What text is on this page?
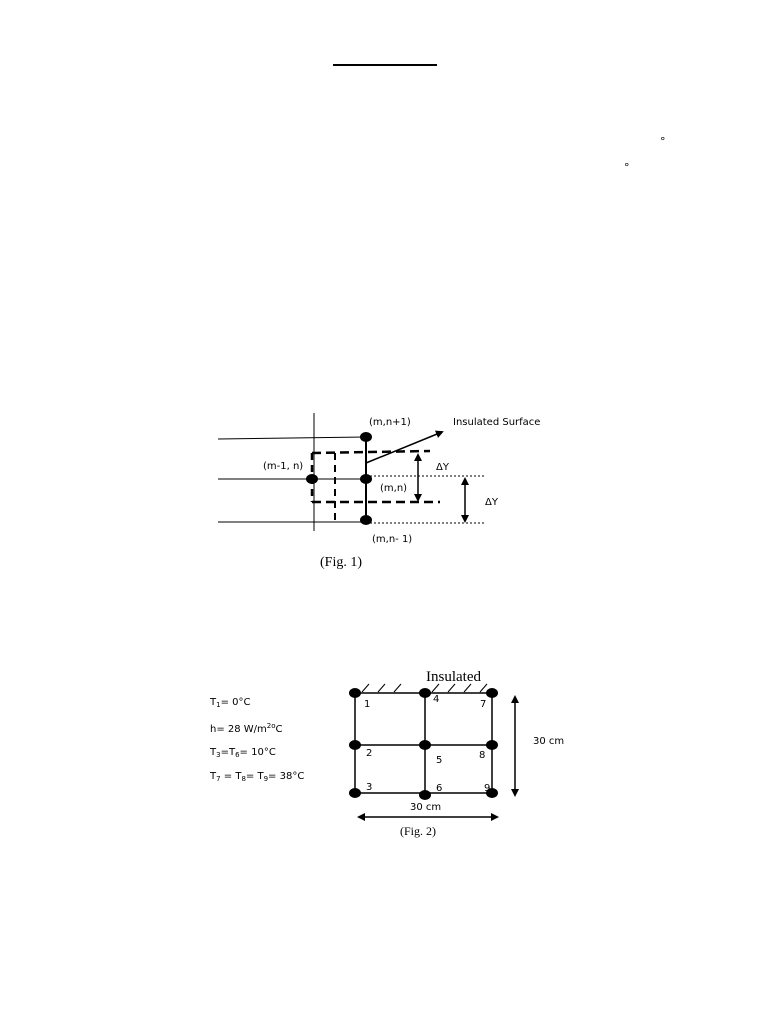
°
°
(m,n+1)	Insulated Surface
(m-1, n)
(m,n)
ΔY
ΔY
(m,n- 1)
(Fig. 1)
1
2
3
4
5
6
7
8
9
30 cm
30 cm
Insulated
(Fig. 2)
$T_1= 0^\circ C$
h= 28 $W/m^{2o}C$
$T_3=T_6= 10^\circ C$
$T_7 = T_8= T_9= 38^\circ C$
